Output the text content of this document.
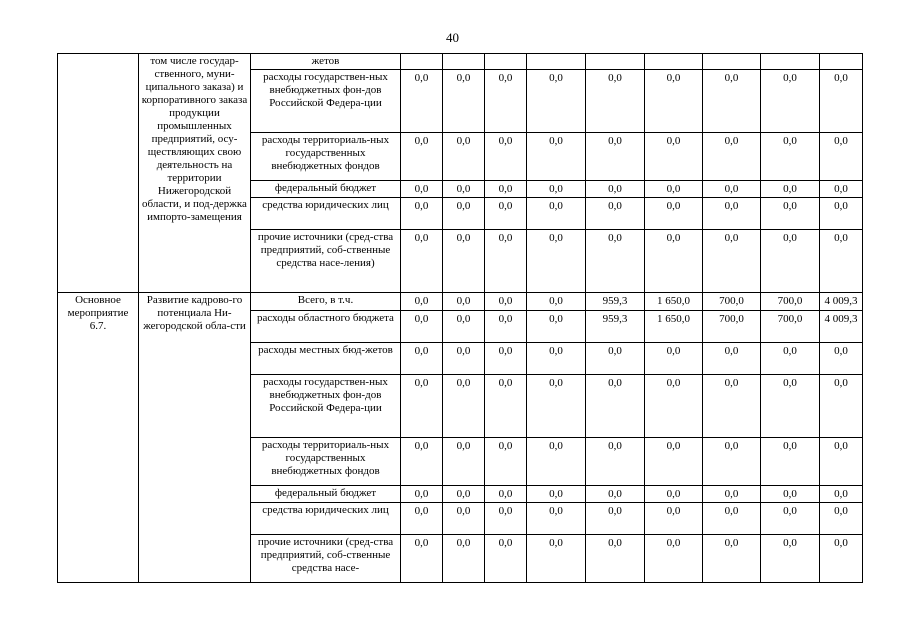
40
	том числе государ-ственного, муни-ципального заказа) и корпоративного заказа продукции промышленных предприятий, осу-ществляющих свою деятельность на территории Нижегородской области, и под-держка импорто-замещения	жетов									
		расходы государствен-ных внебюджетных фон-дов Российской Федера-ции	0,0	0,0	0,0	0,0	0,0	0,0	0,0	0,0	0,0
		расходы территориаль-ных государственных внебюджетных фондов	0,0	0,0	0,0	0,0	0,0	0,0	0,0	0,0	0,0
		федеральный бюджет	0,0	0,0	0,0	0,0	0,0	0,0	0,0	0,0	0,0
		средства юридических лиц	0,0	0,0	0,0	0,0	0,0	0,0	0,0	0,0	0,0
		прочие источники (сред-ства предприятий, соб-ственные средства насе-ления)	0,0	0,0	0,0	0,0	0,0	0,0	0,0	0,0	0,0
Основное мероприятие 6.7.	Развитие кадрово-го потенциала Ни-жегородской обла-сти	Всего, в т.ч.	0,0	0,0	0,0	0,0	959,3	1 650,0	700,0	700,0	4 009,3
		расходы областного бюджета	0,0	0,0	0,0	0,0	959,3	1 650,0	700,0	700,0	4 009,3
		расходы местных бюд-жетов	0,0	0,0	0,0	0,0	0,0	0,0	0,0	0,0	0,0
		расходы государствен-ных внебюджетных фон-дов Российской Федера-ции	0,0	0,0	0,0	0,0	0,0	0,0	0,0	0,0	0,0
		расходы территориаль-ных государственных внебюджетных фондов	0,0	0,0	0,0	0,0	0,0	0,0	0,0	0,0	0,0
		федеральный бюджет	0,0	0,0	0,0	0,0	0,0	0,0	0,0	0,0	0,0
		средства юридических лиц	0,0	0,0	0,0	0,0	0,0	0,0	0,0	0,0	0,0
		прочие источники (сред-ства предприятий, соб-ственные средства насе-	0,0	0,0	0,0	0,0	0,0	0,0	0,0	0,0	0,0
